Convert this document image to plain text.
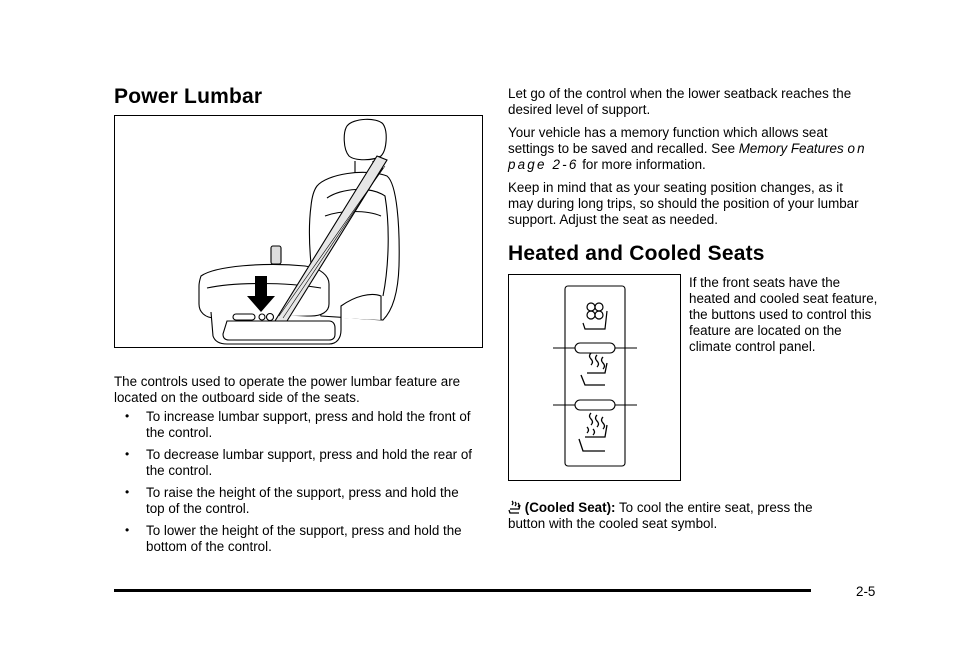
Power Lumbar
The controls used to operate the power lumbar feature are located on the outboard side of the seats.
• To increase lumbar support, press and hold the front of the control.
• To decrease lumbar support, press and hold the rear of the control.
• To raise the height of the support, press and hold the top of the control.
• To lower the height of the support, press and hold the bottom of the control.
Let go of the control when the lower seatback reaches the desired level of support.
Your vehicle has a memory function which allows seat settings to be saved and recalled. See Memory Features on page 2-6 for more information.
Keep in mind that as your seating position changes, as it may during long trips, so should the position of your lumbar support. Adjust the seat as needed.
Heated and Cooled Seats
If the front seats have the heated and cooled seat feature, the buttons used to control this feature are located on the climate control panel.
(Cooled Seat): To cool the entire seat, press the
button with the cooled seat symbol.
2-5
